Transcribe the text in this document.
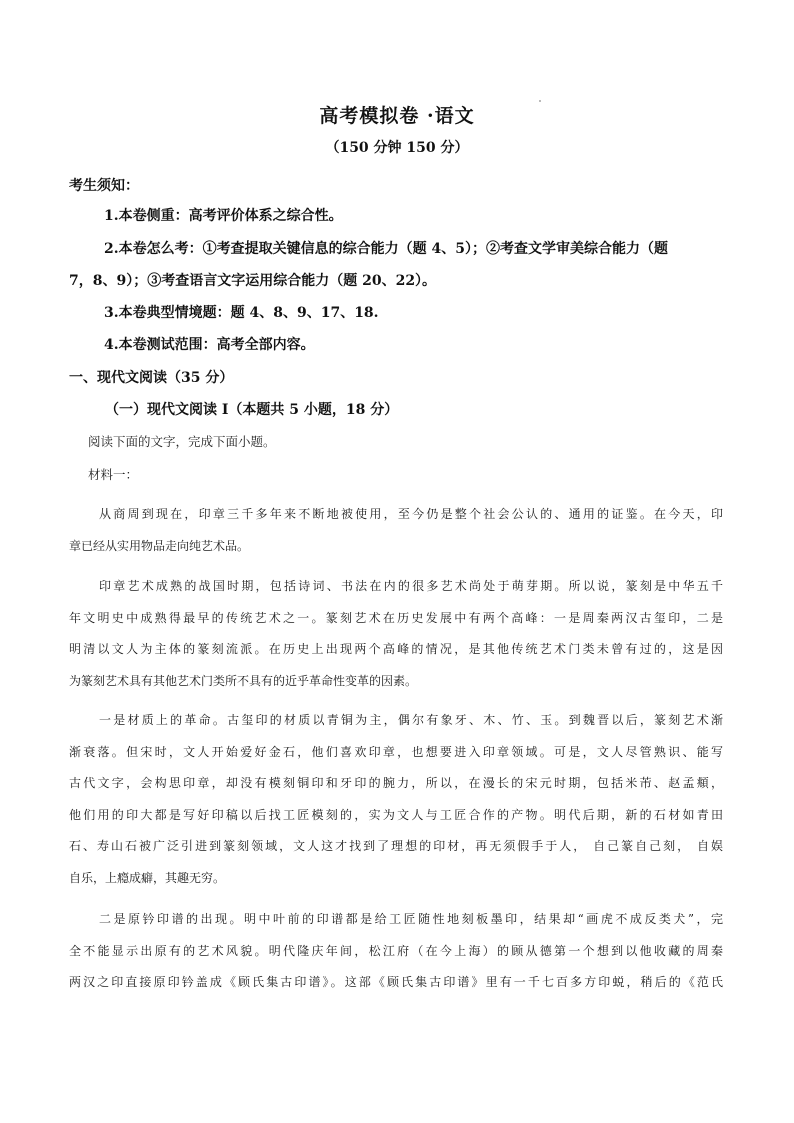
高考模拟卷 ·语文
（150 分钟 150 分）
考生须知：
1.本卷侧重：高考评价体系之综合性。
2.本卷怎么考：①考查提取关键信息的综合能力（题 4、5）；②考查文学审美综合能力（题
7，8、9）；③考查语言文字运用综合能力（题 20、22）。
3.本卷典型情境题：题 4、8、9、17、18.
4.本卷测试范围：高考全部内容。
一、现代文阅读（35 分）
（一）现代文阅读 Ⅰ（本题共 5 小题，18 分）
阅读下面的文字，完成下面小题。
材料一：
从商周到现在，印章三千多年来不断地被使用，至今仍是整个社会公认的、通用的证鉴。在今天，印
章已经从实用物品走向纯艺术品。
印章艺术成熟的战国时期，包括诗词、书法在内的很多艺术尚处于萌芽期。所以说，篆刻是中华五千
年文明史中成熟得最早的传统艺术之一。篆刻艺术在历史发展中有两个高峰：一是周秦两汉古玺印，二是
明清以文人为主体的篆刻流派。在历史上出现两个高峰的情况，是其他传统艺术门类未曾有过的，这是因
为篆刻艺术具有其他艺术门类所不具有的近乎革命性变革的因素。
一是材质上的革命。古玺印的材质以青铜为主，偶尔有象牙、木、竹、玉。到魏晋以后，篆刻艺术渐
渐衰落。但宋时，文人开始爱好金石，他们喜欢印章，也想要进入印章领域。可是，文人尽管熟识、能写
古代文字，会构思印章，却没有模刻铜印和牙印的腕力，所以，在漫长的宋元时期，包括米芾、赵孟頫，
他们用的印大都是写好印稿以后找工匠模刻的，实为文人与工匠合作的产物。明代后期，新的石材如青田
石、寿山石被广泛引进到篆刻领域，文人这才找到了理想的印材，再无须假手于人， 自己篆自己刻， 自娱
自乐，上瘾成癖，其趣无穷。
二是原钤印谱的出现。明中叶前的印谱都是给工匠随性地刻板墨印，结果却“画虎不成反类犬”，完
全不能显示出原有的艺术风貌。明代隆庆年间，松江府（在今上海）的顾从德第一个想到以他收藏的周秦
两汉之印直接原印钤盖成《顾氏集古印谱》。这部《顾氏集古印谱》里有一千七百多方印蜕，稍后的《范氏
